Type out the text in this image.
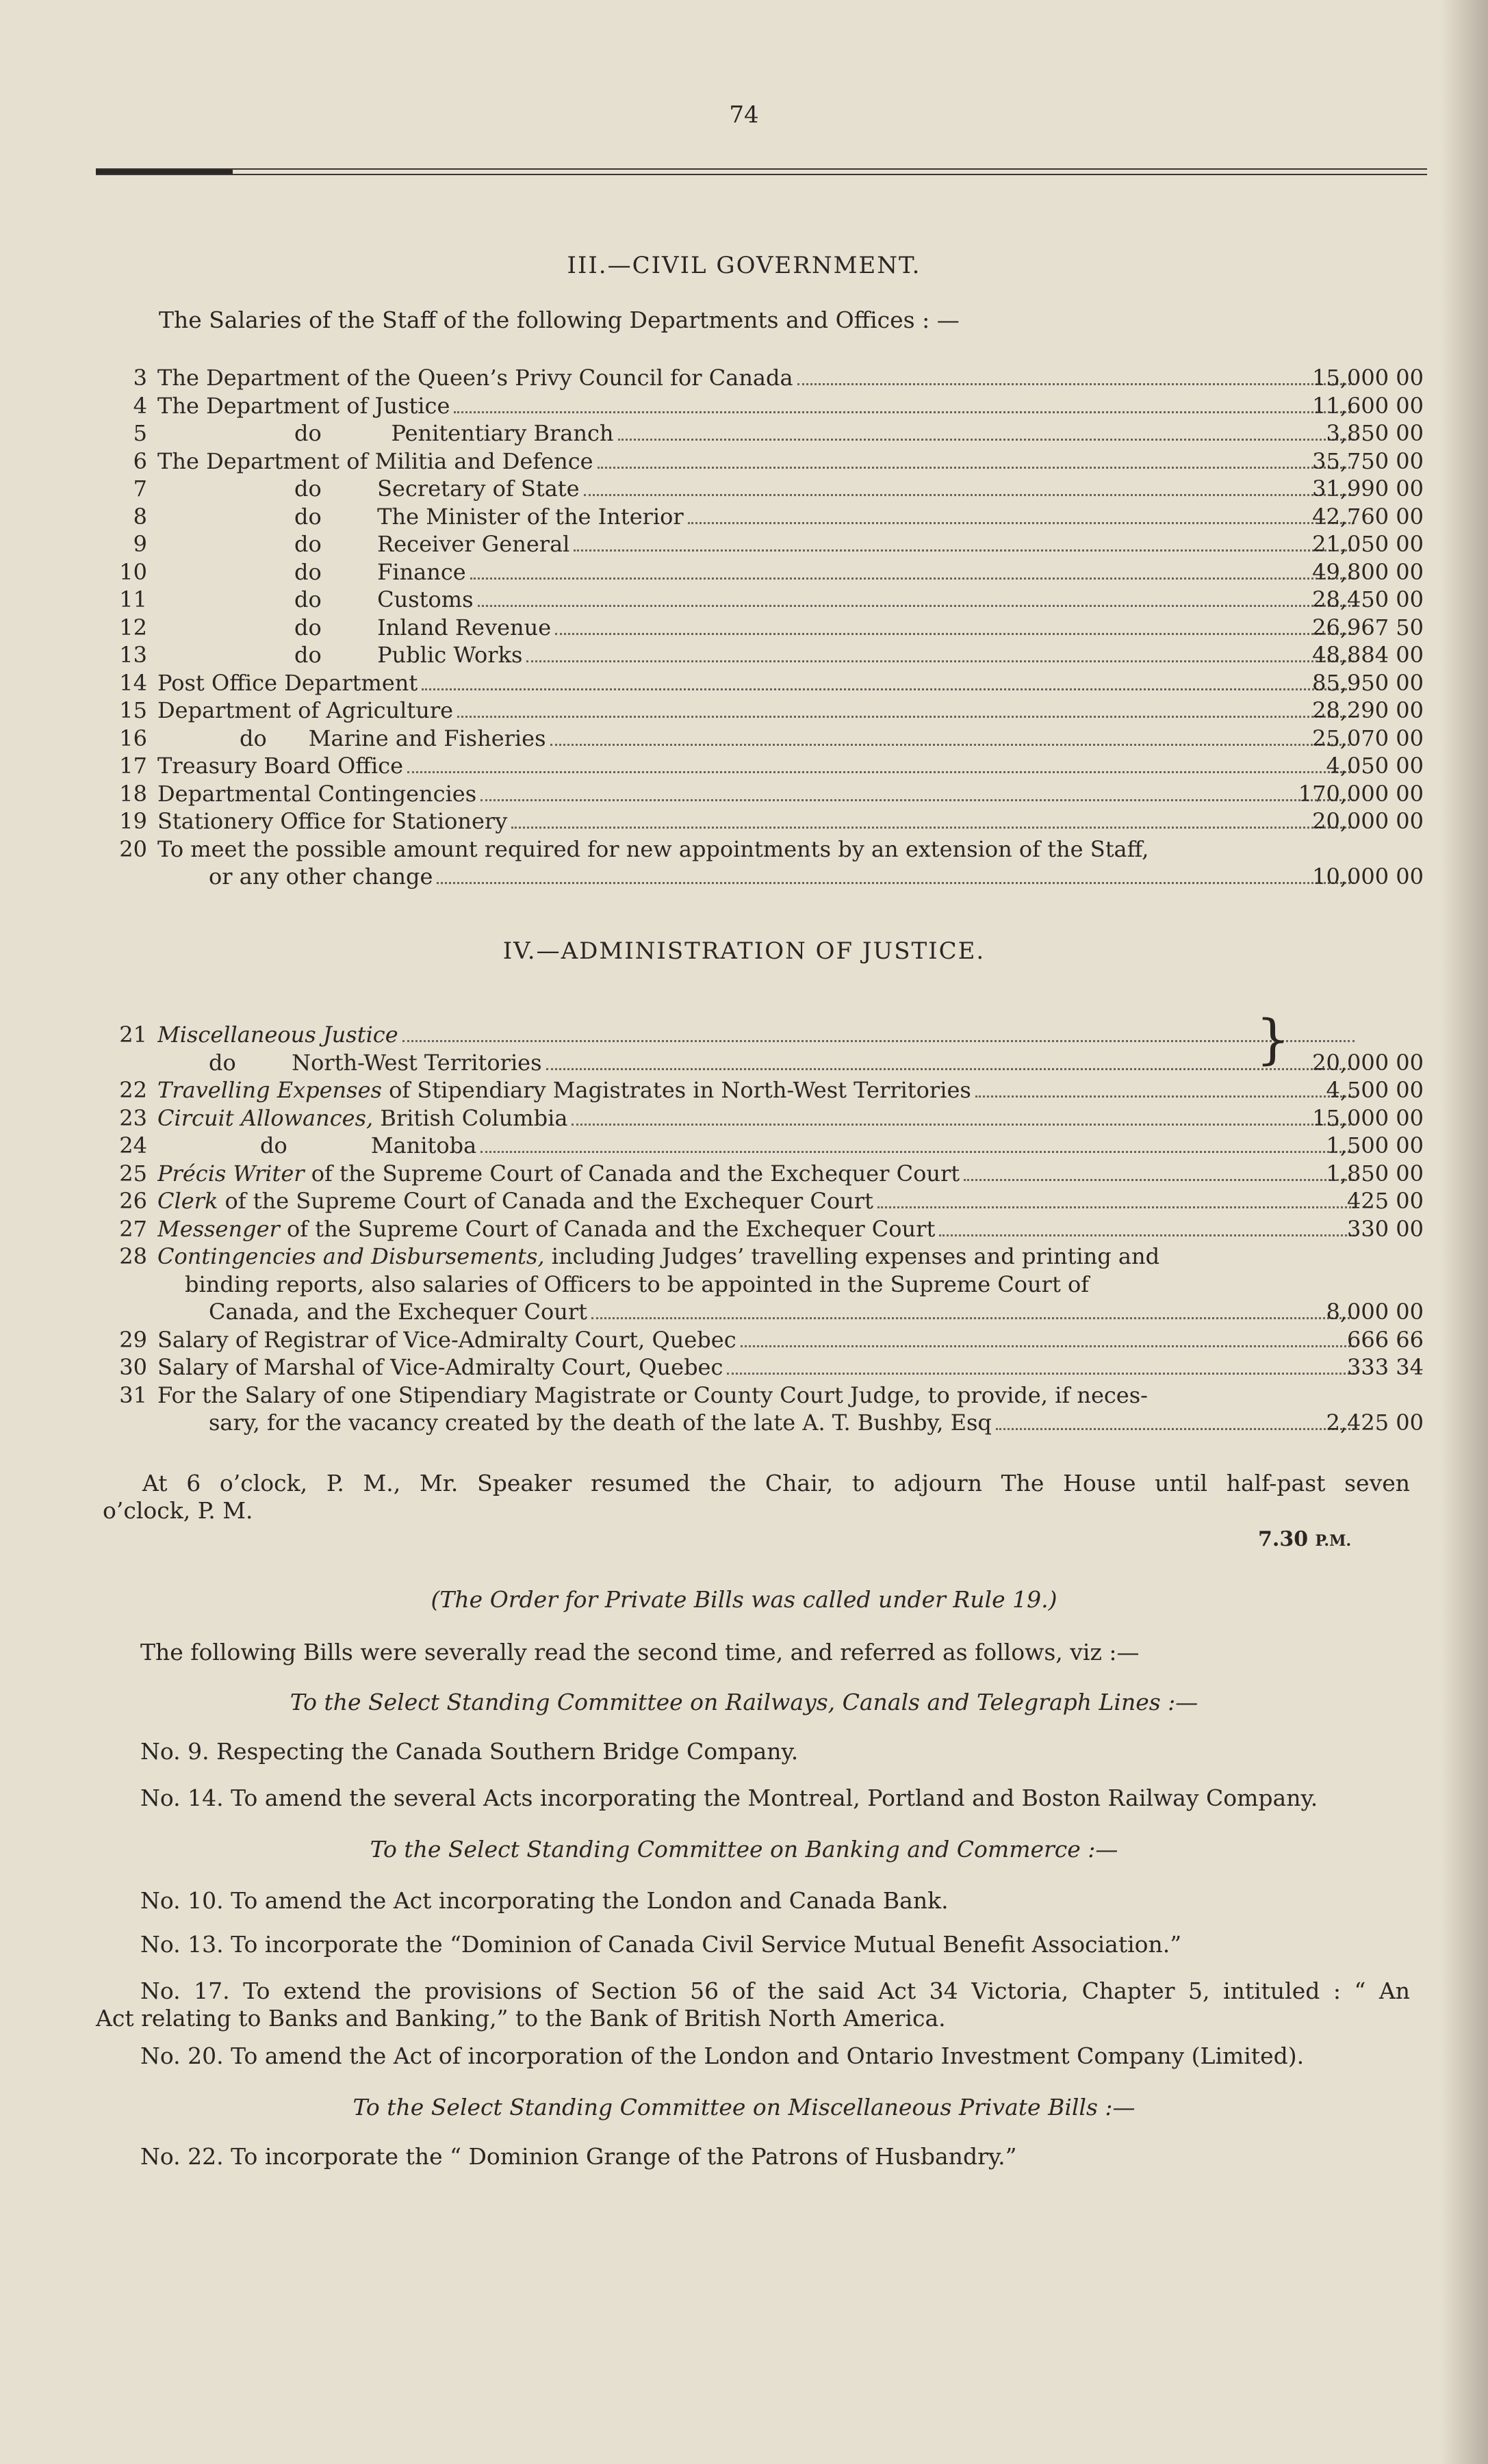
74
III.—CIVIL GOVERNMENT.
The Salaries of the Staff of the following Departments and Offices : —
3 The Department of the Queen’s Privy Council for Canada	15,000 00
4 The Department of Justice	11,600 00
5	do          Penitentiary Branch	3,850 00
6 The Department of Militia and Defence	35,750 00
7	do        Secretary of State	31,990 00
8	do        The Minister of the Interior	42,760 00
9	do        Receiver General	21,050 00
10	do        Finance	49,800 00
11	do        Customs	28,450 00
12	do        Inland Revenue	26,967 50
13	do        Public Works	48,884 00
14 Post Office Department	85,950 00
15 Department of Agriculture	28,290 00
16	do      Marine and Fisheries	25,070 00
17 Treasury Board Office	4,050 00
18 Departmental Contingencies	170,000 00
19 Stationery Office for Stationery	20,000 00
20 To meet the possible amount required for new appointments by an extension of the Staff,
or any other change	10,000 00
IV.—ADMINISTRATION OF JUSTICE.
21 Miscellaneous Justice
do        North-West Territories	20,000 00
}
22 Travelling Expenses of Stipendiary Magistrates in North-West Territories	4,500 00
23 Circuit Allowances, British Columbia	15,000 00
24	do            Manitoba	1,500 00
25 Précis Writer of the Supreme Court of Canada and the Exchequer Court	1,850 00
26 Clerk of the Supreme Court of Canada and the Exchequer Court	425 00
27 Messenger of the Supreme Court of Canada and the Exchequer Court	330 00
28 Contingencies and Disbursements, including Judges’ travelling expenses and printing and
binding reports, also salaries of Officers to be appointed in the Supreme Court of
Canada, and the Exchequer Court	8,000 00
29 Salary of Registrar of Vice-Admiralty Court, Quebec	666 66
30 Salary of Marshal of Vice-Admiralty Court, Quebec	333 34
31 For the Salary of one Stipendiary Magistrate or County Court Judge, to provide, if neces-
sary, for the vacancy created by the death of the late A. T. Bushby, Esq	2,425 00
At 6 o’clock, P. M., Mr. Speaker resumed the Chair, to adjourn The House until half-past seven
o’clock, P. M.
7.30 P.M.
(The Order for Private Bills was called under Rule 19.)
The following Bills were severally read the second time, and referred as follows, viz :—
To the Select Standing Committee on Railways, Canals and Telegraph Lines :—
No. 9. Respecting the Canada Southern Bridge Company.
No. 14. To amend the several Acts incorporating the Montreal, Portland and Boston Railway Company.
To the Select Standing Committee on Banking and Commerce :—
No. 10. To amend the Act incorporating the London and Canada Bank.
No. 13. To incorporate the “Dominion of Canada Civil Service Mutual Benefit Association.”
No. 17. To extend the provisions of Section 56 of the said Act 34 Victoria, Chapter 5, intituled : “ An
Act relating to Banks and Banking,” to the Bank of British North America.
No. 20. To amend the Act of incorporation of the London and Ontario Investment Company (Limited).
To the Select Standing Committee on Miscellaneous Private Bills :—
No. 22. To incorporate the “ Dominion Grange of the Patrons of Husbandry.”
